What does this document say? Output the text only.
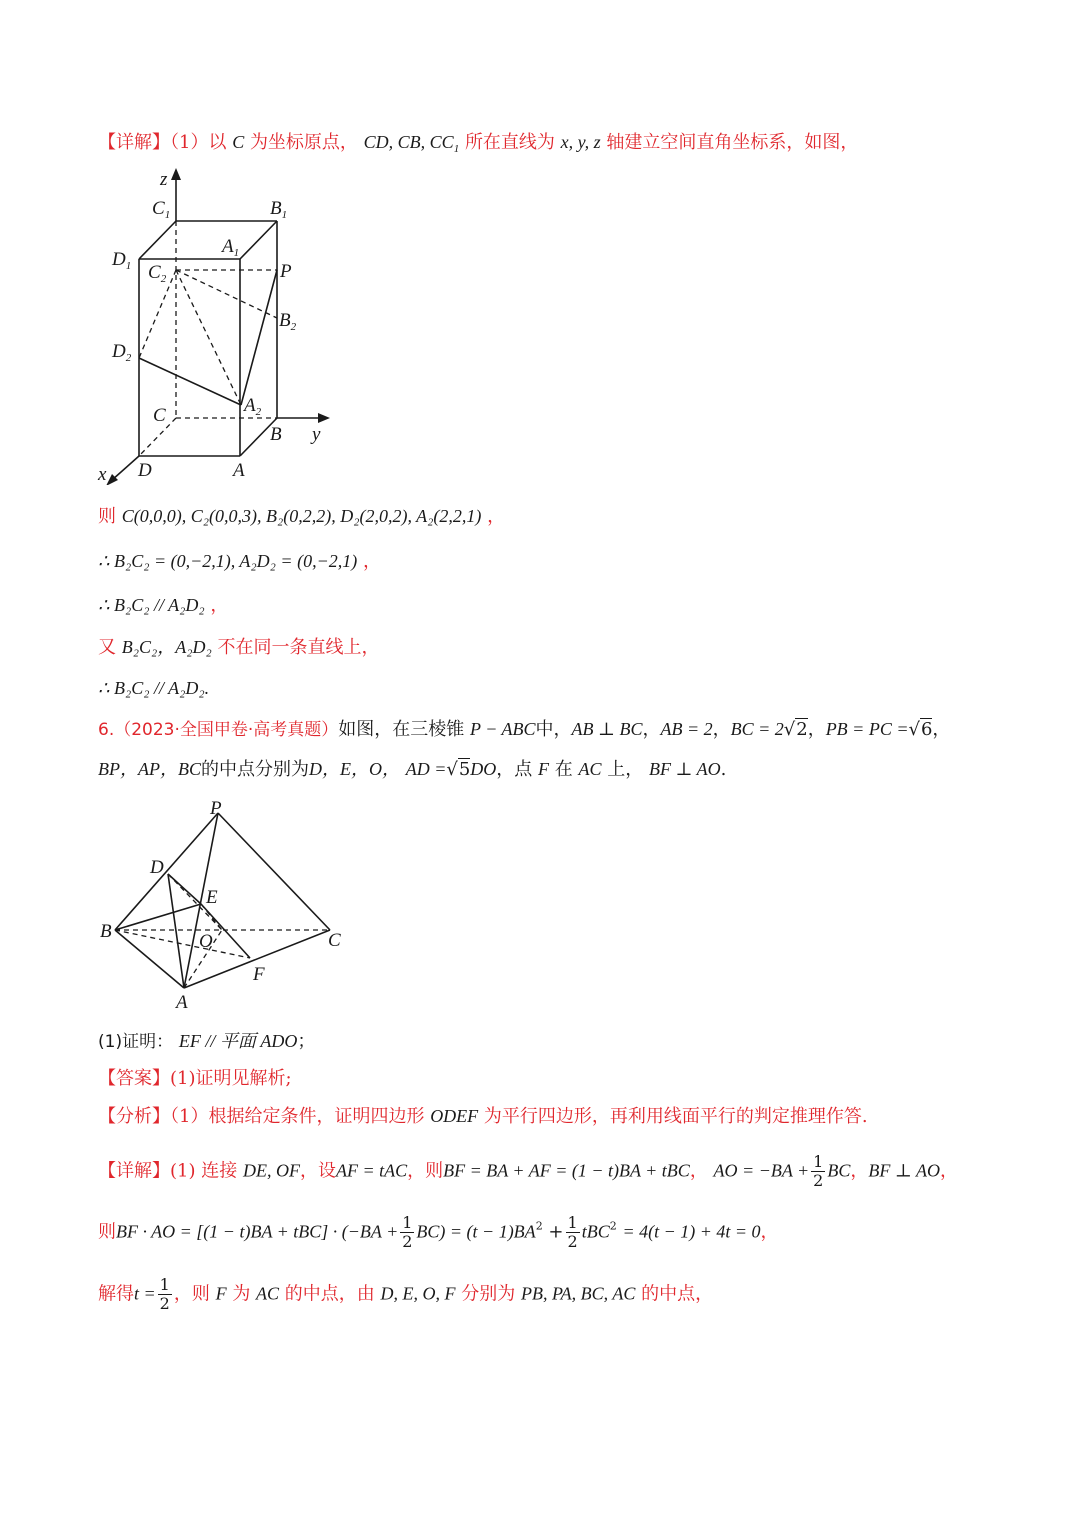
【详解】（1）以 C 为坐标原点， CD, CB, $CC_1$ 所在直线为 x, y, z 轴建立空间直角坐标系，如图，
z
y
x
$C_1$	$B_1$
$A_1$
$D_1$ $C_2$	P
$B_2$
$D_2$
C	$A_2$
B
D	A
则 C(0,0,0), C₂(0,0,3), B₂(0,2,2), D₂(2,0,2), A₂(2,2,1) ，
∴ B₂C₂ = (0,−2,1), A₂D₂ = (0,−2,1) ，
∴ B₂C₂ // A₂D₂ ，
又 B₂C₂，A₂D₂ 不在同一条直线上，
∴ B₂C₂ // A₂D₂.
6.（2023·全国甲卷·高考真题）如图，在三棱锥 P − ABC中，AB ⊥ BC，AB = 2，BC = 2√2，PB = PC =√6，
BP，AP，BC的中点分别为D，E，O， AD =√5DO，点 F 在 AC 上， BF ⊥ AO.
P
D
E
B	O	C
F
A
(1)证明： EF // 平面 ADO；
【答案】(1)证明见解析;
【分析】（1）根据给定条件，证明四边形 ODEF 为平行四边形，再利用线面平行的判定推理作答.
【详解】(1) 连接 DE, OF，设AF = tAC，则BF = BA + AF = (1 − t)BA + tBC， AO = $-BA + \frac{1}{2}$ BC，BF ⊥ AO，
则BF · AO = $[(1 - t)BA + tBC] \cdot (-BA + \frac{1}{2} BC) = (t - 1)BA^2 + \frac{1}{2} tBC^2 = 4(t - 1) + 4t = 0$，
解得$t = \frac{1}{2}$ ，则 F 为 AC 的中点，由 D, E, O, F 分别为 PB, PA, BC, AC 的中点，
